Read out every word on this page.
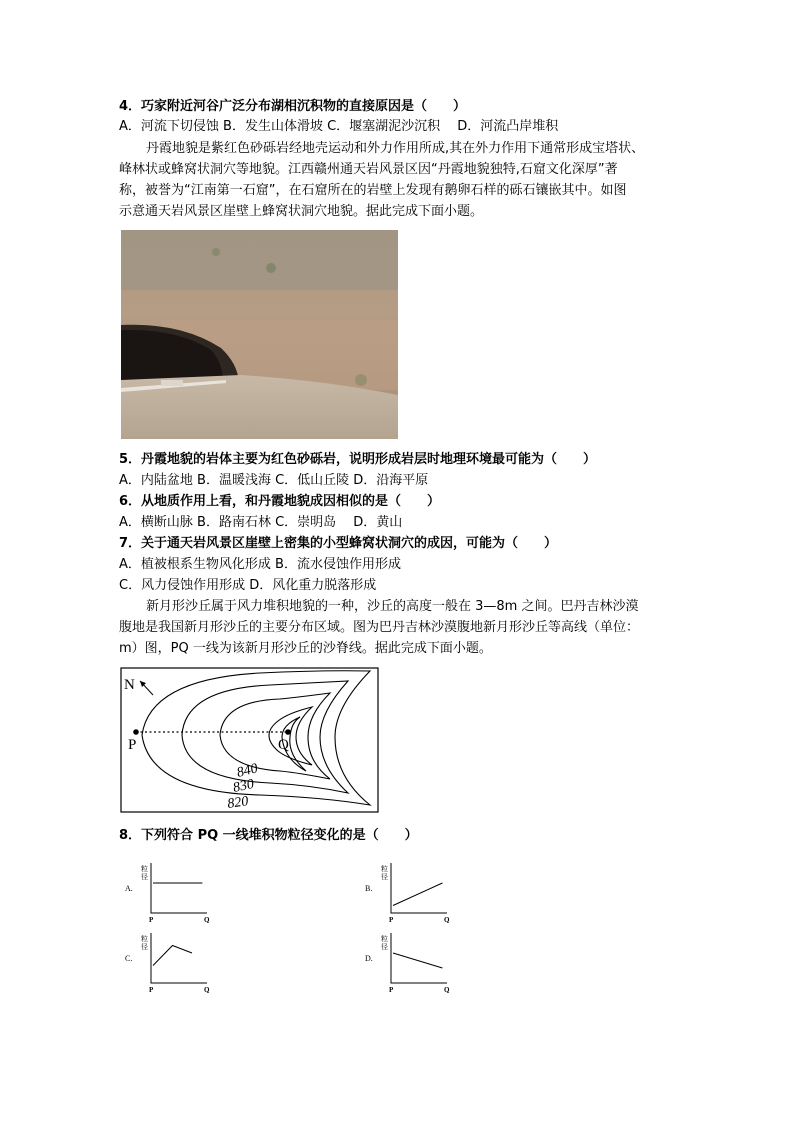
4．巧家附近河谷广泛分布湖相沉积物的直接原因是（　　）
A．河流下切侵蚀 B．发生山体滑坡 C．堰塞湖泥沙沉积　 D．河流凸岸堆积
丹霞地貌是紫红色砂砾岩经地壳运动和外力作用所成,其在外力作用下通常形成宝塔状、
峰林状或蜂窝状洞穴等地貌。江西赣州通天岩风景区因“丹霞地貌独特,石窟文化深厚”著
称，被誉为“江南第一石窟”，在石窟所在的岩壁上发现有鹅卵石样的砾石镶嵌其中。如图
示意通天岩风景区崖壁上蜂窝状洞穴地貌。据此完成下面小题。
5．丹霞地貌的岩体主要为红色砂砾岩，说明形成岩层时地理环境最可能为（　　）
A．内陆盆地 B．温暖浅海 C．低山丘陵 D．沿海平原
6．从地质作用上看，和丹霞地貌成因相似的是（　　）
A．横断山脉 B．路南石林 C．崇明岛　 D．黄山
7．关于通天岩风景区崖壁上密集的小型蜂窝状洞穴的成因，可能为（　　）
A．植被根系生物风化形成 B．流水侵蚀作用形成
C．风力侵蚀作用形成 D．风化重力脱落形成
新月形沙丘属于风力堆积地貌的一种，沙丘的高度一般在 3—8m 之间。巴丹吉林沙漠
腹地是我国新月形沙丘的主要分布区域。图为巴丹吉林沙漠腹地新月形沙丘等高线（单位：
m）图，PQ 一线为该新月形沙丘的沙脊线。据此完成下面小题。
N
P	Q
840
830
820
8．下列符合 PQ 一线堆积物粒径变化的是（　　）
粒
径
P	Q
A.
粒
径
P	Q
B.
粒
径
P	Q
C.
粒
径
P	Q
D.
